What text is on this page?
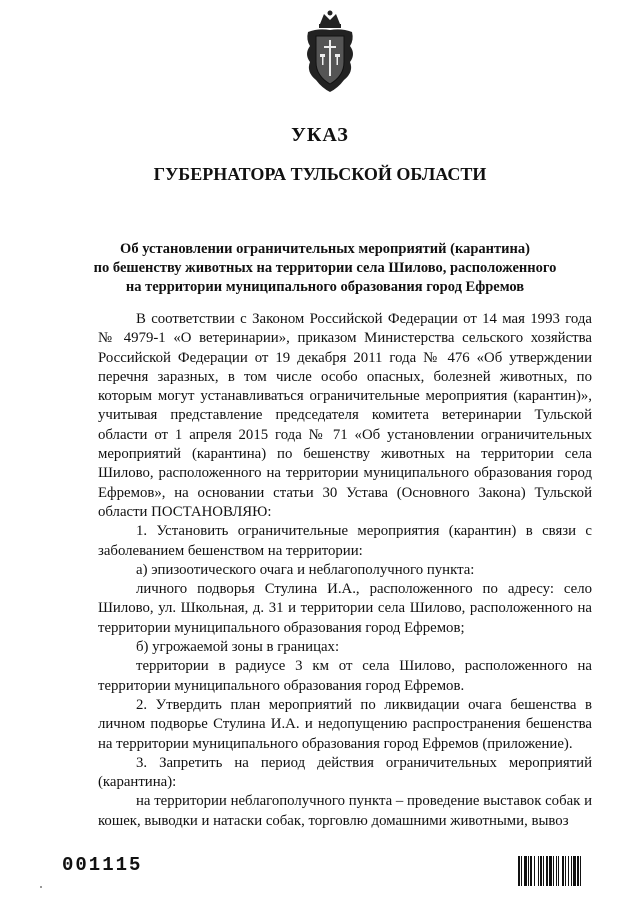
УКАЗ
ГУБЕРНАТОРА ТУЛЬСКОЙ ОБЛАСТИ
Об установлении ограничительных мероприятий (карантина)
по бешенству животных на территории села Шилово, расположенного
на территории муниципального образования город Ефремов

В соответствии с Законом Российской Федерации от 14 мая 1993 года № 4979-1 «О ветеринарии», приказом Министерства сельского хозяйства Российской Федерации от 19 декабря 2011 года № 476 «Об утверждении перечня заразных, в том числе особо опасных, болезней животных, по которым могут устанавливаться ограничительные мероприятия (карантин)», учитывая представление председателя комитета ветеринарии Тульской области от 1 апреля 2015 года № 71 «Об установлении ограничительных мероприятий (карантина) по бешенству животных на территории села Шилово, расположенного на территории муниципального образования город Ефремов», на основании статьи 30 Устава (Основного Закона) Тульской области ПОСТАНОВЛЯЮ:

1. Установить ограничительные мероприятия (карантин) в связи с заболеванием бешенством на территории:

а) эпизоотического очага и неблагополучного пункта:

личного подворья Стулина И.А., расположенного по адресу: село Шилово, ул. Школьная, д. 31 и территории села Шилово, расположенного на территории муниципального образования город Ефремов;

б) угрожаемой зоны в границах:

территории в радиусе 3 км от села Шилово, расположенного на территории муниципального образования город Ефремов.

2. Утвердить план мероприятий по ликвидации очага бешенства в личном подворье Стулина И.А. и недопущению распространения бешенства на территории муниципального образования город Ефремов (приложение).

3. Запретить на период действия ограничительных мероприятий (карантина):

на территории неблагополучного пункта – проведение выставок собак и кошек, выводки и натаски собак, торговлю домашними животными, вывоз

001115
